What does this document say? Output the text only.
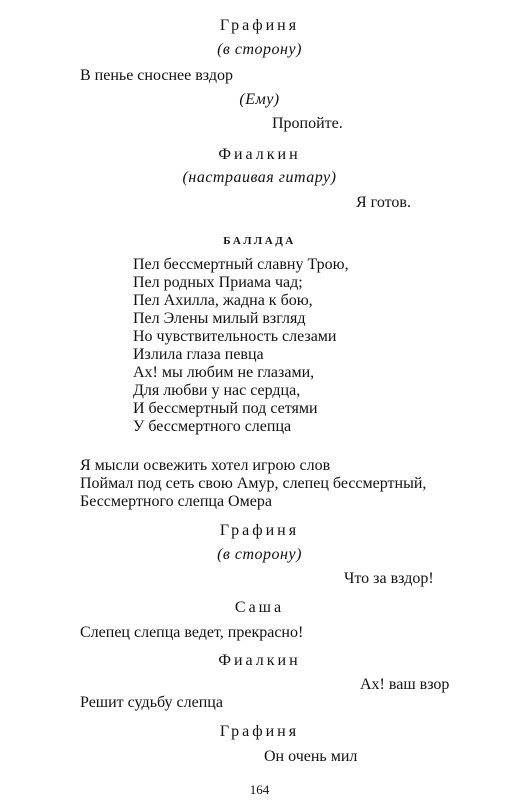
Графиня
(в сторону)
В пенье сноснее вздор
(Ему)
Пропойте.
Фиалкин
(настраивая гитару)
Я готов.
БАЛЛАДА
Пел бессмертный славну Трою,
Пел родных Приама чад;
Пел Ахилла, жадна к бою,
Пел Элены милый взгляд
Но чувствительность слезами
Излила глаза певца
Ах! мы любим не глазами,
Для любви у нас сердца,
И бессмертный под сетями
У бессмертного слепца
Я мысли освежить хотел игрою слов
Поймал под сеть свою Амур, слепец бессмертный,
Бессмертного слепца Омера
Графиня
(в сторону)
Что за вздор!
Саша
Слепец слепца ведет, прекрасно!
Фиалкин
Ах! ваш взор
Решит судьбу слепца
Графиня
Он очень мил
164
